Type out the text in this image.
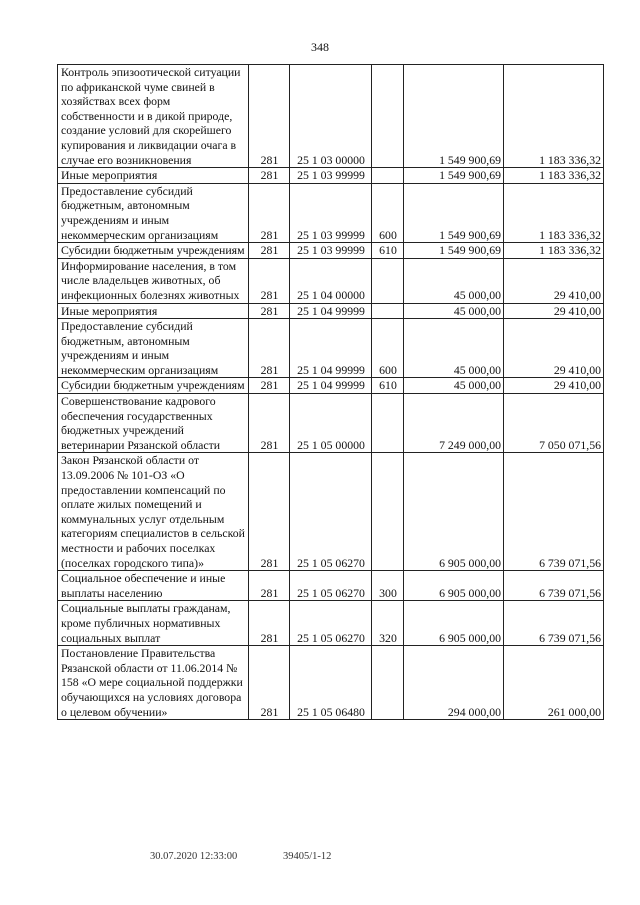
348
Контроль эпизоотической ситуации по африканской чуме свиней в хозяйствах всех форм собственности и в дикой природе, создание условий для скорейшего купирования и ликвидации очага в случае его возникновения	281	25 1 03 00000		1 549 900,69	1 183 336,32
Иные мероприятия	281	25 1 03 99999		1 549 900,69	1 183 336,32
Предоставление субсидий бюджетным, автономным учреждениям и иным некоммерческим организациям	281	25 1 03 99999	600	1 549 900,69	1 183 336,32
Субсидии бюджетным учреждениям	281	25 1 03 99999	610	1 549 900,69	1 183 336,32
Информирование населения, в том числе владельцев животных, об инфекционных болезнях животных	281	25 1 04 00000		45 000,00	29 410,00
Иные мероприятия	281	25 1 04 99999		45 000,00	29 410,00
Предоставление субсидий бюджетным, автономным учреждениям и иным некоммерческим организациям	281	25 1 04 99999	600	45 000,00	29 410,00
Субсидии бюджетным учреждениям	281	25 1 04 99999	610	45 000,00	29 410,00
Совершенствование кадрового обеспечения государственных бюджетных учреждений ветеринарии Рязанской области	281	25 1 05 00000		7 249 000,00	7 050 071,56
Закон Рязанской области от 13.09.2006 № 101-ОЗ «О предоставлении компенсаций по оплате жилых помещений и коммунальных услуг отдельным категориям специалистов в сельской местности и рабочих поселках (поселках городского типа)»	281	25 1 05 06270		6 905 000,00	6 739 071,56
Социальное обеспечение и иные выплаты населению	281	25 1 05 06270	300	6 905 000,00	6 739 071,56
Социальные выплаты гражданам, кроме публичных нормативных социальных выплат	281	25 1 05 06270	320	6 905 000,00	6 739 071,56
Постановление Правительства Рязанской области от 11.06.2014 № 158 «О мере социальной поддержки обучающихся на условиях договора о целевом обучении»	281	25 1 05 06480		294 000,00	261 000,00
30.07.2020 12:33:00	39405/1-12
